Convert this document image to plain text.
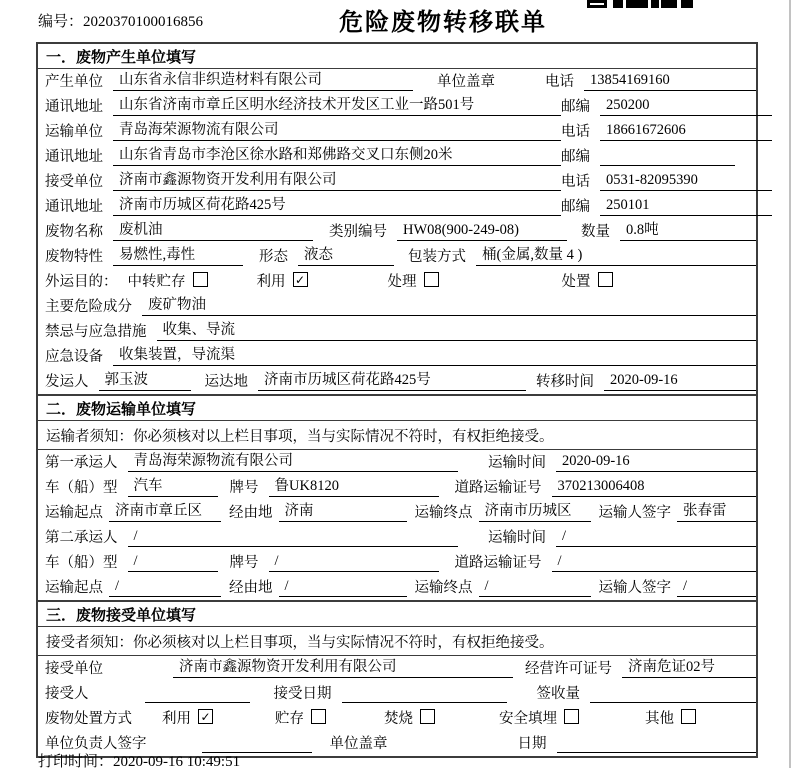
编号：2020370100016856	危险废物转移联单
一．废物产生单位填写
产生单位	山东省永信非织造材料有限公司	单位盖章	电话	13854169160
通讯地址	山东省济南市章丘区明水经济技术开发区工业一路501号	邮编	250200
运输单位	青岛海荣源物流有限公司	电话	18661672606
通讯地址	山东省青岛市李沧区徐水路和郑佛路交叉口东侧20米	邮编
接受单位	济南市鑫源物资开发利用有限公司	电话	0531-82095390
通讯地址	济南市历城区荷花路425号	邮编	250101
废物名称	废机油	类别编号	HW08(900-249-08)	数量	0.8吨
废物特性	易燃性,毒性	形态	液态	包装方式	桶(金属,数量 4 )
外运目的： 中转贮存	利用 ✓	处理	处置
主要危险成分	废矿物油
禁忌与应急措施	收集、导流
应急设备	收集装置，导流渠
发运人	郭玉波	运达地	济南市历城区荷花路425号	转移时间	2020-09-16
二．废物运输单位填写
运输者须知：你必须核对以上栏目事项，当与实际情况不符时，有权拒绝接受。
第一承运人	青岛海荣源物流有限公司	运输时间	2020-09-16
车（船）型	汽车	牌号	鲁UK8120	道路运输证号	370213006408
运输起点 济南市章丘区	经由地 济南	运输终点 济南市历城区	运输人签字 张春雷
第二承运人	/	运输时间	/
车（船）型	/	牌号	/	道路运输证号	/
运输起点 /	经由地 /	运输终点 /	运输人签字 /
三．废物接受单位填写
接受者须知：你必须核对以上栏目事项，当与实际情况不符时，有权拒绝接受。
接受单位	济南市鑫源物资开发利用有限公司	经营许可证号	济南危证02号
接受人	接受日期	签收量
废物处置方式 利用 ✓	贮存	焚烧	安全填埋	其他
单位负责人签字	单位盖章	日期
打印时间：2020-09-16 10:49:51
